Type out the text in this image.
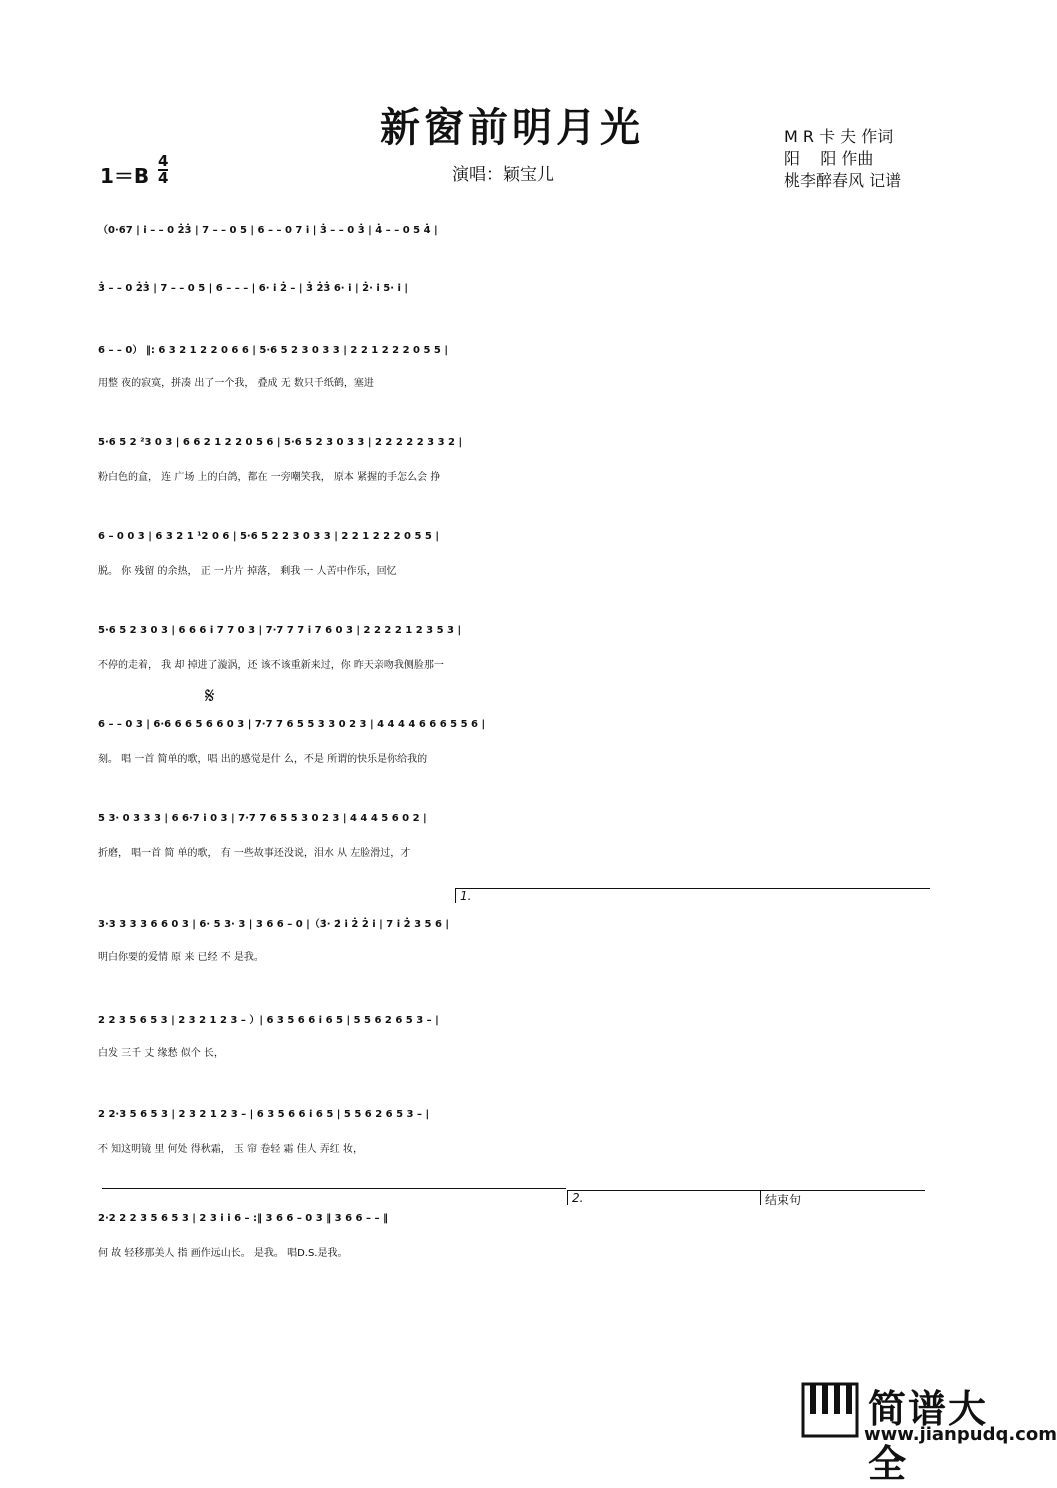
新窗前明月光	M R 卡 夫 作词
阳    阳 作曲
桃李醉春风 记谱
1＝B
4
4	演唱：颖宝儿
（0·67 | i̇ – – 0 2̇3̇ | 7 – – 0 5 | 6 – – 0 7 i̇ | 3̇ – – 0 3̇ | 4̇ – – 0 5 4̇ |
3̇ – – 0 2̇3̇ | 7 – – 0 5 | 6 – – – | 6· i̇ 2̇ – | 3̇ 2̇3̇ 6· i̇ | 2̇· i̇ 5· i̇ |
6 – – 0） ‖: 6 3 2 1 2 2 0 6 6 | 5·6 5 2 3 0 3 3 | 2 2 1 2 2 2 0 5 5 |
用整 夜的寂寞，拼凑 出了一个我， 叠成 无 数只千纸鹤，塞进
5·6 5 2 ²3 0 3 | 6 6 2 1 2 2 0 5 6 | 5·6 5 2 3 0 3 3 | 2 2 2 2 2 3 3 2 |
粉白色的盒， 连 广场 上的白鸽，都在 一旁嘲笑我， 原本 紧握的手怎么会 挣
6 – 0 0 3 | 6 3 2 1 ¹2 0 6 | 5·6 5 2 2 3 0 3 3 | 2 2 1 2 2 2 0 5 5 |
脱。 你 残留 的余热， 正 一片片 掉落， 剩我 一 人苦中作乐，回忆
5·6 5 2 3 0 3 | 6 6 6 i̇ 7 7 0 3 | 7·7 7 7 i̇ 7 6 0 3 | 2 2 2 2 1 2 3 5 3 |
不停的走着， 我 却 掉进了漩涡，还 该不该重新来过，你 昨天亲吻我侧脸那一
6 – – 0 3 | 6·6 6 6 5 6 6 0 3 | 7·7 7 6 5 5 3 3 0 2 3 | 4 4 4 4 6 6 6 5 5 6 |
刻。 唱 一首 简单的歌，唱 出的感觉是什 么，不是 所谓的快乐是你给我的
5 3· 0 3 3 3 | 6 6·7 i̇ 0 3 | 7·7 7 6 5 5 3 0 2 3 | 4 4 4 5 6 0 2 |
折磨， 唱一首 简 单的歌， 有 一些故事还没说，泪水 从 左脸滑过，才
3·3 3 3 3 6 6 0 3 | 6· 5 3· 3 | 3 6 6 – 0 |（3̇· 2̇ i̇ 2̇ 2̇ i̇ | 7 i̇ 2̇ 3 5 6 |
明白你要的爱情 原 来 已经 不 是我。
2 2 3 5 6 5 3 | 2 3 2 1 2 3 – ）| 6 3 5 6 6 i̇ 6 5 | 5 5 6 2 6 5 3 – |
白发 三千 丈 缘愁 似个 长，
2 2·3 5 6 5 3 | 2 3 2 1 2 3 – | 6 3 5 6 6 i̇ 6 5 | 5 5 6 2 6 5 3 – |
不 知这明镜 里 何处 得秋霜， 玉 帘 卷轻 霜 佳人 弄红 妆，
2·2 2 2 3 5 6 5 3 | 2 3 i̇ i̇ 6 – :‖ 3 6 6 – 0 3 ‖ 3 6 6 – – ‖
何 故 轻移那美人 指 画作远山长。 是我。 唱D.S.是我。
𝄋
1.
2.	结束句
简谱大全
www.jianpudq.com
